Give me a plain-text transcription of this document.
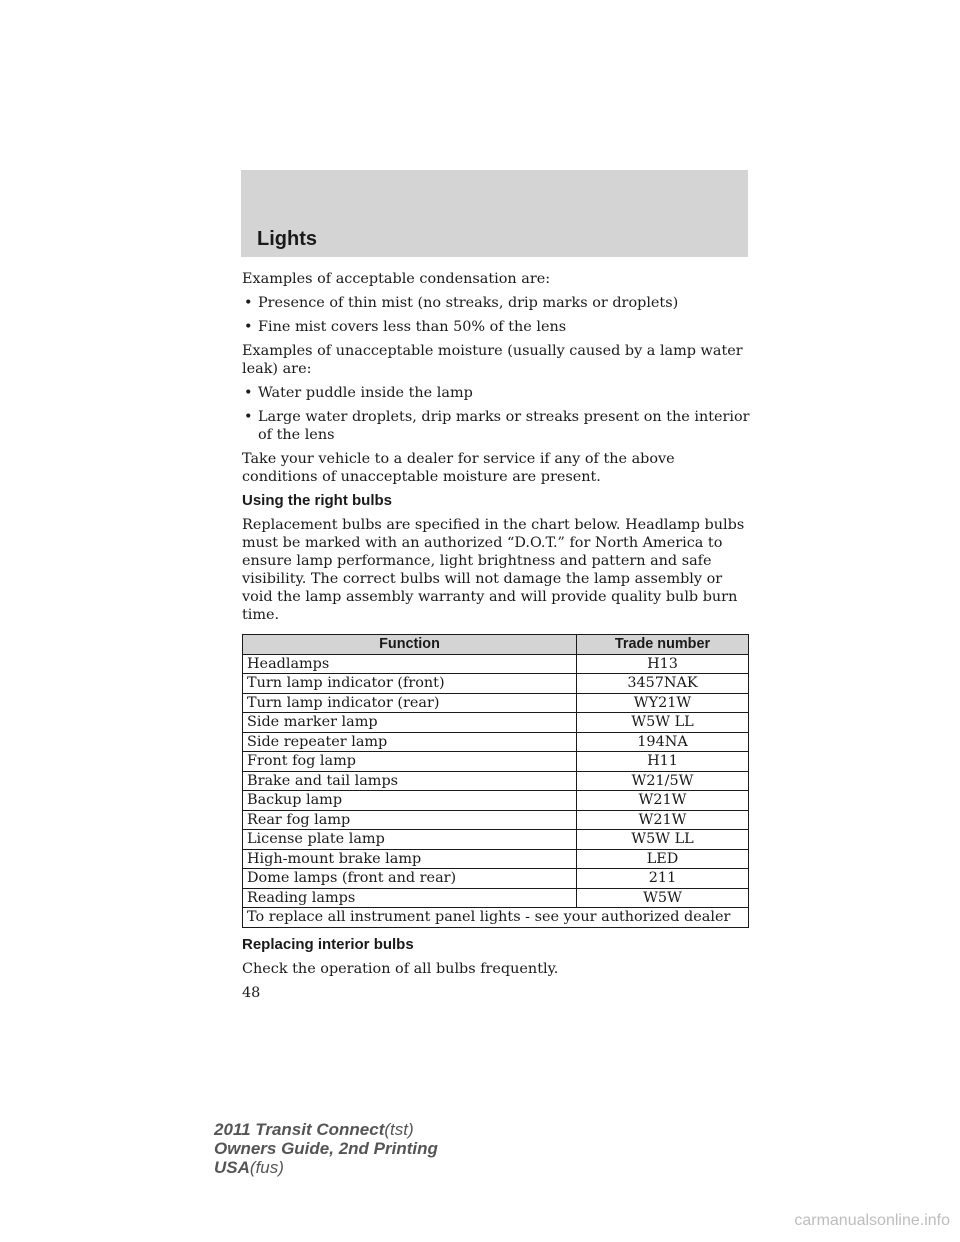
Lights

Examples of acceptable condensation are:

• Presence of thin mist (no streaks, drip marks or droplets)
• Fine mist covers less than 50% of the lens

Examples of unacceptable moisture (usually caused by a lamp water leak) are:

• Water puddle inside the lamp
• Large water droplets, drip marks or streaks present on the interior of the lens

Take your vehicle to a dealer for service if any of the above conditions of unacceptable moisture are present.

Using the right bulbs

Replacement bulbs are specified in the chart below. Headlamp bulbs must be marked with an authorized “D.O.T.” for North America to ensure lamp performance, light brightness and pattern and safe visibility. The correct bulbs will not damage the lamp assembly or void the lamp assembly warranty and will provide quality bulb burn time.

Function	Trade number
Headlamps	H13
Turn lamp indicator (front)	3457NAK
Turn lamp indicator (rear)	WY21W
Side marker lamp	W5W LL
Side repeater lamp	194NA
Front fog lamp	H11
Brake and tail lamps	W21/5W
Backup lamp	W21W
Rear fog lamp	W21W
License plate lamp	W5W LL
High-mount brake lamp	LED
Dome lamps (front and rear)	211
Reading lamps	W5W
To replace all instrument panel lights - see your authorized dealer	
Replacing interior bulbs

Check the operation of all bulbs frequently.

48
2011 Transit Connect(tst)
Owners Guide, 2nd Printing
USA(fus)
carmanualsonline.info
